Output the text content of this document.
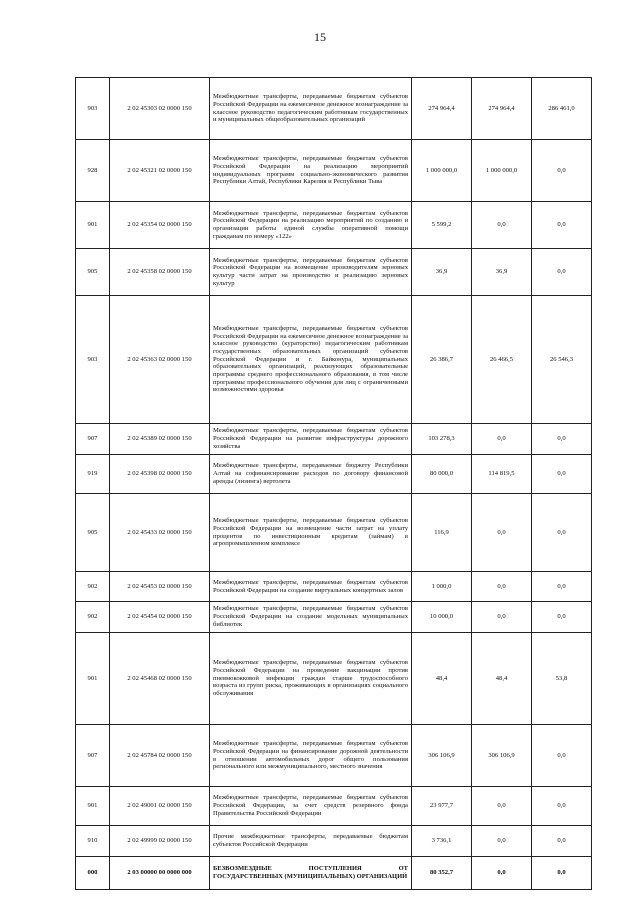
15
903	2 02 45303 02 0000 150	Межбюджетные трансферты, передаваемые бюджетам субъектов Российской Федерации на ежемесячное денежное вознаграждение за классное руководство педагогическим работникам государственных и муниципальных общеобразовательных организаций	274 964,4	274 964,4	286 461,0
928	2 02 45321 02 0000 150	Межбюджетные трансферты, передаваемые бюджетам субъектов Российской Федерации на реализацию мероприятий индивидуальных программ социально-экономического развития Республики Алтай, Республики Карелия и Республики Тыва	1 000 000,0	1 000 000,0	0,0
901	2 02 45354 02 0000 150	Межбюджетные трансферты, передаваемые бюджетам субъектов Российской Федерации на реализацию мероприятий по созданию и организации работы единой службы оперативной помощи гражданам по номеру «122»	5 599,2	0,0	0,0
905	2 02 45358 02 0000 150	Межбюджетные трансферты, передаваемые бюджетам субъектов Российской Федерации на возмещение производителям зерновых культур части затрат на производство и реализацию зерновых культур	36,9	36,9	0,0
903	2 02 45363 02 0000 150	Межбюджетные трансферты, передаваемые бюджетам субъектов Российской Федерации на ежемесячное денежное вознаграждение за классное руководство (кураторство) педагогическим работникам государственных образовательных организаций субъектов Российской Федерации и г. Байконура, муниципальных образовательных организаций, реализующих образовательные программы среднего профессионального образования, в том числе программы профессионального обучения для лиц с ограниченными возможностями здоровья	26 386,7	26 466,5	26 546,3
907	2 02 45389 02 0000 150	Межбюджетные трансферты, передаваемые бюджетам субъектов Российской Федерации на развитие инфраструктуры дорожного хозяйства	103 278,3	0,0	0,0
919	2 02 45398 02 0000 150	Межбюджетные трансферты, передаваемые бюджету Республики Алтай на софинансирование расходов по договору финансовой аренды (лизинга) вертолета	80 000,0	114 819,5	0,0
905	2 02 45433 02 0000 150	Межбюджетные трансферты, передаваемые бюджетам субъектов Российской Федерации на возмещение части затрат на уплату процентов по инвестиционным кредитам (займам) в агропромышленном комплексе	116,9	0,0	0,0
902	2 02 45453 02 0000 150	Межбюджетные трансферты, передаваемые бюджетам субъектов Российской Федерации на создание виртуальных концертных залов	1 000,0	0,0	0,0
902	2 02 45454 02 0000 150	Межбюджетные трансферты, передаваемые бюджетам субъектов Российской Федерации на создание модельных муниципальных библиотек	10 000,0	0,0	0,0
901	2 02 45468 02 0000 150	Межбюджетные трансферты, передаваемые бюджетам субъектов Российской Федерации на проведение вакцинации против пневмококковой инфекции граждан старше трудоспособного возраста из групп риска, проживающих в организациях социального обслуживания	48,4	48,4	53,8
907	2 02 45784 02 0000 150	Межбюджетные трансферты, передаваемые бюджетам субъектов Российской Федерации на финансирование дорожной деятельности в отношении автомобильных дорог общего пользования регионального или межмуниципального, местного значения	306 106,9	306 106,9	0,0
901	2 02 49001 02 0000 150	Межбюджетные трансферты, передаваемые бюджетам субъектов Российской Федерации, за счет средств резервного фонда Правительства Российской Федерации	23 977,7	0,0	0,0
910	2 02 49999 02 0000 150	Прочие межбюджетные трансферты, передаваемые бюджетам субъектов Российской Федерации	3 736,1	0,0	0,0
000	2 03 00000 00 0000 000	БЕЗВОЗМЕЗДНЫЕ ПОСТУПЛЕНИЯ ОТ ГОСУДАРСТВЕННЫХ (МУНИЦИПАЛЬНЫХ) ОРГАНИЗАЦИЙ	80 352,7	0,0	0,0
